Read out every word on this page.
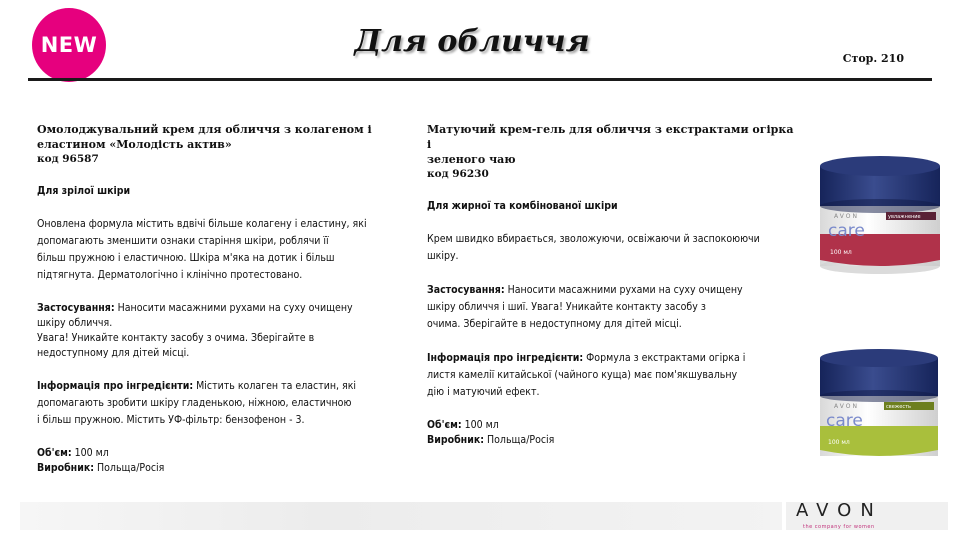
NEW	Для обличчя	Стор. 210

Омолоджувальний крем для обличчя з колагеном і

еластином «Молодість актив»

код 96587

Для зрілої шкіри

Оновлена формула містить вдвічі більше колагену і еластину, які

допомагають зменшити ознаки старіння шкіри, роблячи її

більш пружною і еластичною. Шкіра м'яка на дотик і більш

підтягнута. Дерматологічно і клінічно протестовано.

Застосування: Наносити масажними рухами на суху очищену

шкіру обличчя.

Увага! Уникайте контакту засобу з очима. Зберігайте в

недоступному для дітей місці.

Інформація про інгредієнти: Містить колаген та еластин, які

допомагають зробити шкіру гладенькою, ніжною, еластичною

і більш пружною. Містить УФ-фільтр: бензофенон - 3.

Об'єм: 100 мл

Виробник: Польща/Росія

Матуючий крем-гель для обличчя з екстрактами огірка і

зеленого чаю

код 96230

Для жирної та комбінованої шкіри

Крем швидко вбирається, зволожуючи, освіжаючи й заспокоюючи

шкіру.

Застосування: Наносити масажними рухами на суху очищену

шкіру обличчя і шиї. Увага! Уникайте контакту засобу з

очима. Зберігайте в недоступному для дітей місці.

Інформація про інгредієнти: Формула з екстрактами огірка і

листя камелії китайської (чайного куща) має пом'якшувальну

дію і матуючий ефект.

Об'єм: 100 мл

Виробник: Польща/Росія

AVON
care
увлажнение
100 мл
AVON
care
свежесть
100 мл
AVON
the company for women
